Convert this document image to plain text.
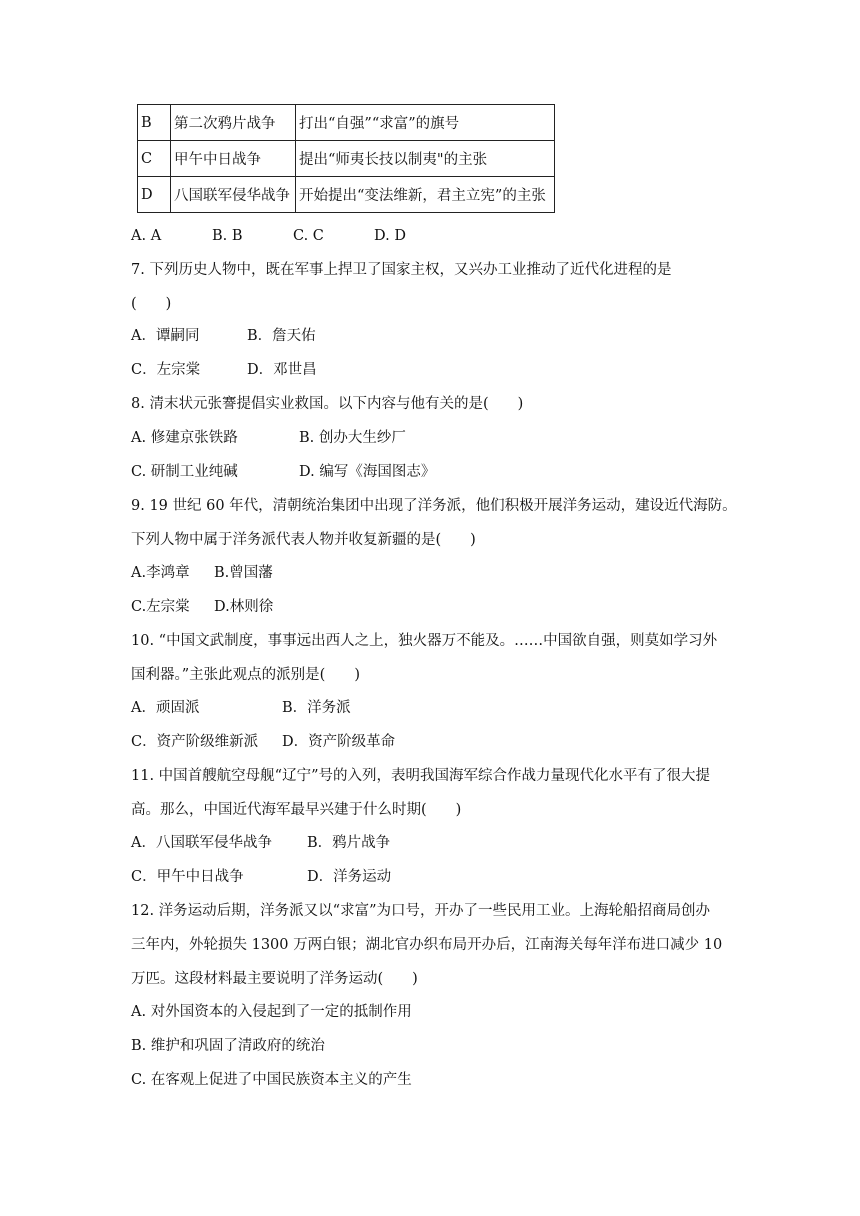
B	第二次鸦片战争	打出“自强”“求富”的旗号
C	甲午中日战争	提出“师夷长技以制夷"的主张
D	八国联军侵华战争	开始提出“变法维新，君主立宪”的主张
A. A	B. B	C. C	D. D
7. 下列历史人物中，既在军事上捍卫了国家主权，又兴办工业推动了近代化进程的是
(　　)
A．谭嗣同	B．詹天佑
C．左宗棠	D．邓世昌
8. 清末状元张謇提倡实业救国。以下内容与他有关的是(　　)
A. 修建京张铁路	B. 创办大生纱厂
C. 研制工业纯碱	D. 编写《海国图志》
9. 19 世纪 60 年代，清朝统治集团中出现了洋务派，他们积极开展洋务运动，建设近代海防。
下列人物中属于洋务派代表人物并收复新疆的是(　　)
A.李鸿章 B.曾国藩
C.左宗棠 D.林则徐
10. “中国文武制度，事事远出西人之上，独火器万不能及。……中国欲自强，则莫如学习外
国利器。”主张此观点的派别是(　　)
A．顽固派	B．洋务派
C．资产阶级维新派 D．资产阶级革命
11. 中国首艘航空母舰“辽宁”号的入列，表明我国海军综合作战力量现代化水平有了很大提
高。那么，中国近代海军最早兴建于什么时期(　　)
A．八国联军侵华战争 B．鸦片战争
C．甲午中日战争	D．洋务运动
12. 洋务运动后期，洋务派又以“求富”为口号，开办了一些民用工业。上海轮船招商局创办
三年内，外轮损失 1300 万两白银；湖北官办织布局开办后，江南海关每年洋布进口减少 10
万匹。这段材料最主要说明了洋务运动(　　)
A. 对外国资本的入侵起到了一定的抵制作用
B. 维护和巩固了清政府的统治
C. 在客观上促进了中国民族资本主义的产生
